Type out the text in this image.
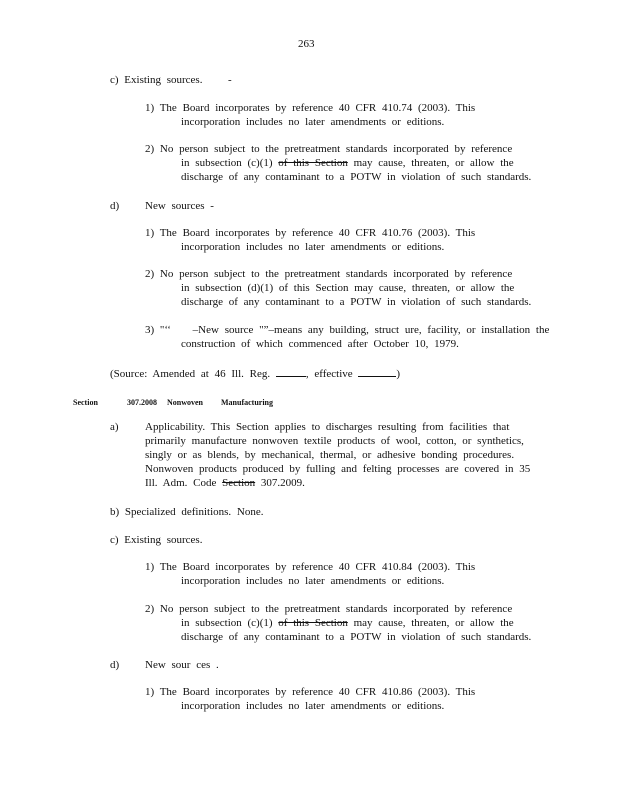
263
c) Existing sources. -
1) The Board incorporates by reference 40 CFR 410.74 (2003). This
incorporation includes no later amendments or editions.
2) No person subject to the pretreatment standards incorporated by reference
in subsection (c)(1) of this Section may cause, threaten, or allow the
discharge of any contaminant to a POTW in violation of such standards.
d) New sources -
1) The Board incorporates by reference 40 CFR 410.76 (2003). This
incorporation includes no later amendments or editions.
2) No person subject to the pretreatment standards incorporated by reference
in subsection (d)(1) of this Section may cause, threaten, or allow the
discharge of any contaminant to a POTW in violation of such standards.
3) "‘‘ –New source "”–means any building, struct ure, facility, or installation the
construction of which commenced after October 10, 1979.
(Source: Amended at 46 Ill. Reg.	, effective	)
Section	307.2008 Nonwoven Manufacturing
a) Applicability. This Section applies to discharges resulting from facilities that
primarily manufacture nonwoven textile products of wool, cotton, or synthetics,
singly or as blends, by mechanical, thermal, or adhesive bonding procedures.
Nonwoven products produced by fulling and felting processes are covered in 35
Ill. Adm. Code Section 307.2009.
b) Specialized definitions. None.
c) Existing sources.
1) The Board incorporates by reference 40 CFR 410.84 (2003). This
incorporation includes no later amendments or editions.
2) No person subject to the pretreatment standards incorporated by reference
in subsection (c)(1) of this Section may cause, threaten, or allow the
discharge of any contaminant to a POTW in violation of such standards.
d) New sour ces .
1) The Board incorporates by reference 40 CFR 410.86 (2003). This
incorporation includes no later amendments or editions.
